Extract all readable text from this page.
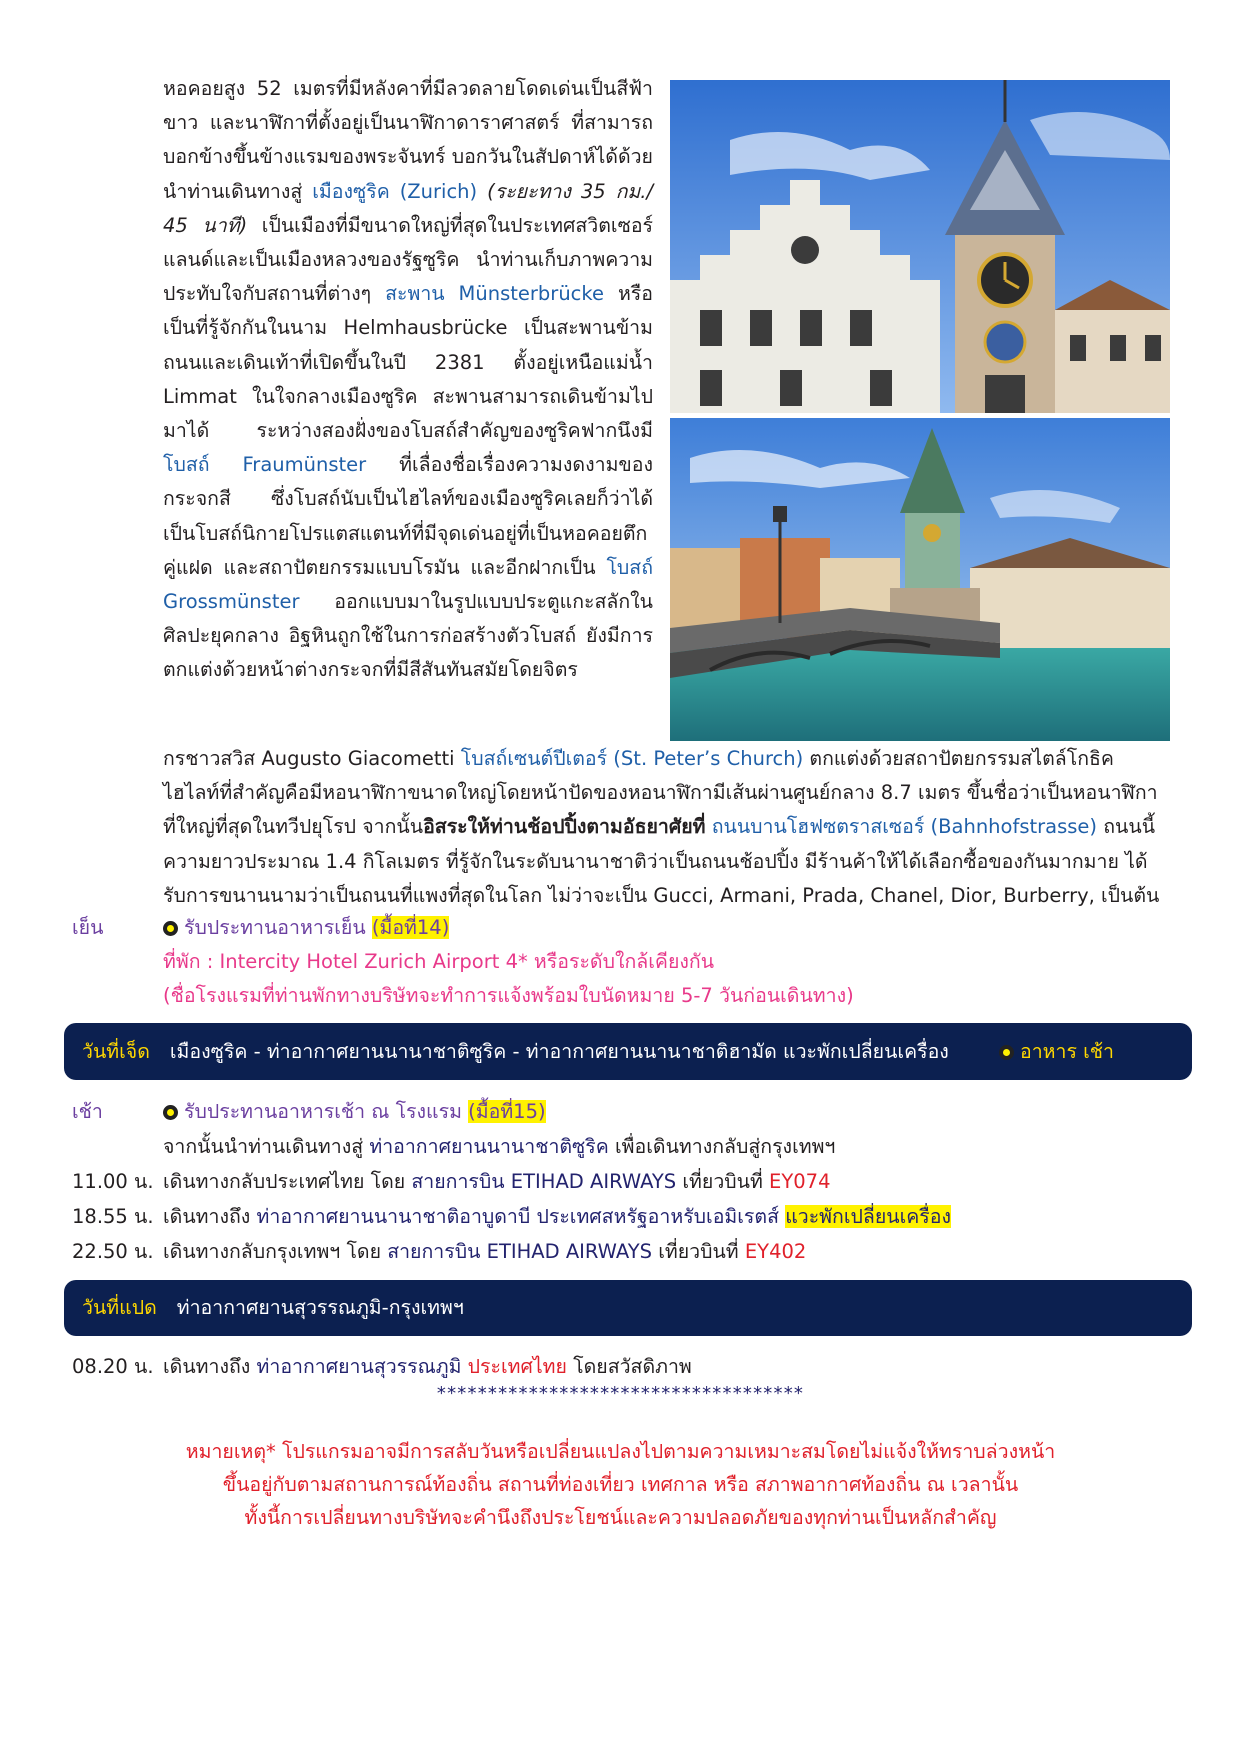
หอคอยสูง 52 เมตรที่มีหลังคาที่มีลวดลายโดดเด่นเป็นสีฟ้าขาว และนาฬิกาที่ตั้งอยู่เป็นนาฬิกาดาราศาสตร์ ที่สามารถบอกข้างขึ้นข้างแรมของพระจันทร์ บอกวันในสัปดาห์ได้ด้วย นำท่านเดินทางสู่ เมืองซูริค (Zurich) (ระยะทาง 35 กม./ 45 นาที) เป็นเมืองที่มีขนาดใหญ่ที่สุดในประเทศสวิตเซอร์แลนด์และเป็นเมืองหลวงของรัฐซูริค นำท่านเก็บภาพความประทับใจกับสถานที่ต่างๆ สะพาน Münsterbrücke หรือเป็นที่รู้จักกันในนาม Helmhausbrücke เป็นสะพานข้ามถนนและเดินเท้าที่เปิดขึ้นในปี 2381 ตั้งอยู่เหนือแม่น้ำ Limmat ในใจกลางเมืองซูริค สะพานสามารถเดินข้ามไปมาได้ ระหว่างสองฝั่งของโบสถ์สำคัญของซูริคฟากนึงมี โบสถ์ Fraumünster ที่เลื่องชื่อเรื่องความงดงามของกระจกสี ซึ่งโบสถ์นับเป็นไฮไลท์ของเมืองซูริคเลยก็ว่าได้ เป็นโบสถ์นิกายโปรแตสแตนท์ที่มีจุดเด่นอยู่ที่เป็นหอคอยตึกคู่แฝด และสถาปัตยกรรมแบบโรมัน และอีกฝากเป็น โบสถ์ Grossmünster ออกแบบมาในรูปแบบประตูแกะสลักในศิลปะยุคกลาง อิฐหินถูกใช้ในการก่อสร้างตัวโบสถ์ ยังมีการตกแต่งด้วยหน้าต่างกระจกที่มีสีสันทันสมัยโดยจิตร

กรชาวสวิส Augusto Giacometti โบสถ์เซนต์ปีเตอร์ (St. Peter’s Church) ตกแต่งด้วยสถาปัตยกรรมสไตล์โกธิคไฮไลท์ที่สำคัญคือมีหอนาฬิกาขนาดใหญ่โดยหน้าปัดของหอนาฬิกามีเส้นผ่านศูนย์กลาง 8.7 เมตร ขึ้นชื่อว่าเป็นหอนาฬิกาที่ใหญ่ที่สุดในทวีปยุโรป จากนั้นอิสระให้ท่านช้อปปิ้งตามอัธยาศัยที่ ถนนบานโฮฟซตราสเซอร์ (Bahnhofstrasse) ถนนนี้ความยาวประมาณ 1.4 กิโลเมตร ที่รู้จักในระดับนานาชาติว่าเป็นถนนช้อปปิ้ง มีร้านค้าให้ได้เลือกซื้อของกันมากมาย ได้รับการขนานนามว่าเป็นถนนที่แพงที่สุดในโลก ไม่ว่าจะเป็น Gucci, Armani, Prada, Chanel, Dior, Burberry, เป็นต้น

เย็น	รับประทานอาหารเย็น (มื้อที่14)
ที่พัก : Intercity Hotel Zurich Airport 4* หรือระดับใกล้เคียงกัน
(ชื่อโรงแรมที่ท่านพักทางบริษัทจะทำการแจ้งพร้อมใบนัดหมาย 5-7 วันก่อนเดินทาง)
วันที่เจ็ด เมืองซูริค - ท่าอากาศยานนานาชาติซูริค - ท่าอากาศยานนานาชาติฮามัด แวะพักเปลี่ยนเครื่อง	อาหาร เช้า
เช้า	รับประทานอาหารเช้า ณ โรงแรม (มื้อที่15)
จากนั้นนำท่านเดินทางสู่ ท่าอากาศยานนานาชาติซูริค เพื่อเดินทางกลับสู่กรุงเทพฯ
11.00 น. เดินทางกลับประเทศไทย โดย สายการบิน ETIHAD AIRWAYS เที่ยวบินที่ EY074
18.55 น. เดินทางถึง ท่าอากาศยานนานาชาติอาบูดาบี ประเทศสหรัฐอาหรับเอมิเรตส์ แวะพักเปลี่ยนเครื่อง
22.50 น. เดินทางกลับกรุงเทพฯ โดย สายการบิน ETIHAD AIRWAYS เที่ยวบินที่ EY402
วันที่แปด ท่าอากาศยานสุวรรณภูมิ-กรุงเทพฯ
08.20 น. เดินทางถึง ท่าอากาศยานสุวรรณภูมิ ประเทศไทย โดยสวัสดิภาพ
************************************

หมายเหตุ* โปรแกรมอาจมีการสลับวันหรือเปลี่ยนแปลงไปตามความเหมาะสมโดยไม่แจ้งให้ทราบล่วงหน้า

ขึ้นอยู่กับตามสถานการณ์ท้องถิ่น สถานที่ท่องเที่ยว เทศกาล หรือ สภาพอากาศท้องถิ่น ณ เวลานั้น

ทั้งนี้การเปลี่ยนทางบริษัทจะคำนึงถึงประโยชน์และความปลอดภัยของทุกท่านเป็นหลักสำคัญ
